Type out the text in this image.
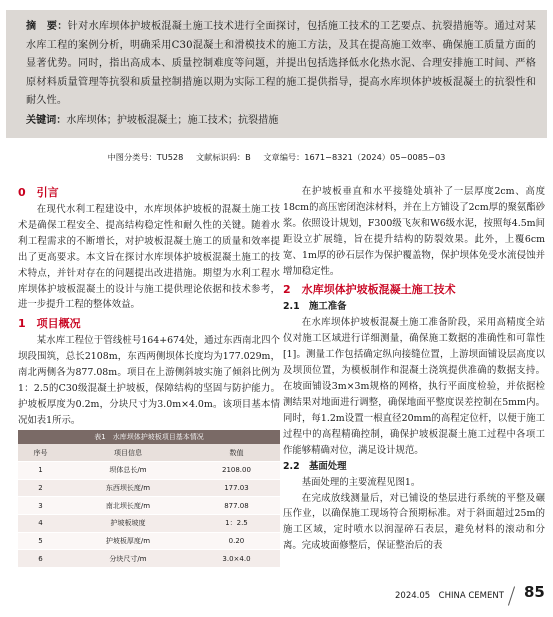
摘　要：针对水库坝体护坡板混凝土施工技术进行全面探讨，包括施工技术的工艺要点、抗裂措施等。通过对某水库工程的案例分析，明确采用C30混凝土和滑模技术的施工方法，及其在提高施工效率、确保施工质量方面的显著优势。同时，指出高成本、质量控制难度等问题，并提出包括选择低水化热水泥、合理安排施工时间、严格原材料质量管理等抗裂和质量控制措施以期为实际工程的施工提供指导，提高水库坝体护坡板混凝土的抗裂性和耐久性。
关键词：水库坝体；护坡板混凝土；施工技术；抗裂措施
中图分类号：TU528 文献标识码：B 文章编号：1671−8321（2024）05−0085−03

0　引言

在现代水利工程建设中，水库坝体护坡板的混凝土施工技术是确保工程安全、提高结构稳定性和耐久性的关键。随着水利工程需求的不断增长，对护坡板混凝土施工的质量和效率提出了更高要求。本文旨在探讨水库坝体护坡板混凝土施工的技术特点，并针对存在的问题提出改进措施。期望为水利工程水库坝体护坡板混凝土的设计与施工提供理论依据和技术参考，进一步提升工程的整体效益。

1　项目概况

某水库工程位于管线桩号164+674处，通过东西南北四个坝段围筑，总长2108m，东西两侧坝体长度均为177.029m，南北两侧各为877.08m。项目在上游侧斜坡实施了倾斜比例为1：2.5的C30级混凝土护坡板，保障结构的坚固与防护能力。护坡板厚度为0.2m，分块尺寸为3.0m×4.0m。该项目基本情况如表1所示。

表1　水库坝体护坡板项目基本情况
序号	项目信息	数值
1	坝体总长/m	2108.00
2	东西坝长度/m	177.03
3	南北坝长度/m	877.08
4	护坡板坡度	1：2.5
5	护坡板厚度/m	0.20
6	分块尺寸/m	3.0×4.0

在护坡板垂直和水平接缝处填补了一层厚度2cm、高度18cm的高压密闭泡沫材料，并在上方铺设了2cm厚的聚氨酯砂浆。依照设计规划，F300级飞灰和W6级水泥，按照每4.5m间距设立扩展缝，旨在提升结构的防裂效果。此外，上覆6cm宽、1m厚的砂石层作为保护覆盖物，保护坝体免受水流侵蚀并增加稳定性。

2　水库坝体护坡板混凝土施工技术

2.1　施工准备

在水库坝体护坡板混凝土施工准备阶段，采用高精度全站仪对施工区域进行详细测量，确保施工数据的准确性和可靠性[1]。测量工作包括确定纵向接缝位置，上游坝面铺设层高度以及坝顶位置，为模板制作和混凝土浇筑提供准确的数据支持。在坡面铺设3m×3m规格的网格，执行平面度检验，并依据检测结果对地面进行调整，确保地面平整度误差控制在5mm内。同时，每1.2m设置一根直径20mm的高程定位杆，以便于施工过程中的高程精确控制，确保护坡板混凝土施工过程中各项工作能够精确对位，满足设计规范。

2.2　基面处理

基面处理的主要流程见图1。

在完成放线测量后，对已铺设的垫层进行系统的平整及碾压作业，以确保施工现场符合预期标准。对于斜面超过25m的施工区域，定时喷水以润湿碎石表层，避免材料的滚动和分离。完成坡面修整后，保证整治后的表

2024.05　CHINA CEMENT 85
